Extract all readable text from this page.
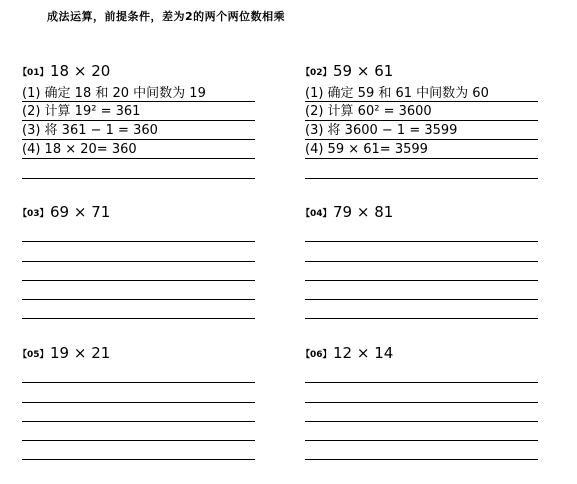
成法运算，前提条件，差为2的两个两位数相乘
【01】 18 × 20
(1) 确定 18 和 20 中间数为 19
(2) 计算 19² = 361
(3) 将 361 − 1 = 360
(4) 18 × 20= 360
【02】 59 × 61
(1) 确定 59 和 61 中间数为 60
(2) 计算 60² = 3600
(3) 将 3600 − 1 = 3599
(4) 59 × 61= 3599
【03】 69 × 71	【04】 79 × 81
【05】 19 × 21	【06】 12 × 14
